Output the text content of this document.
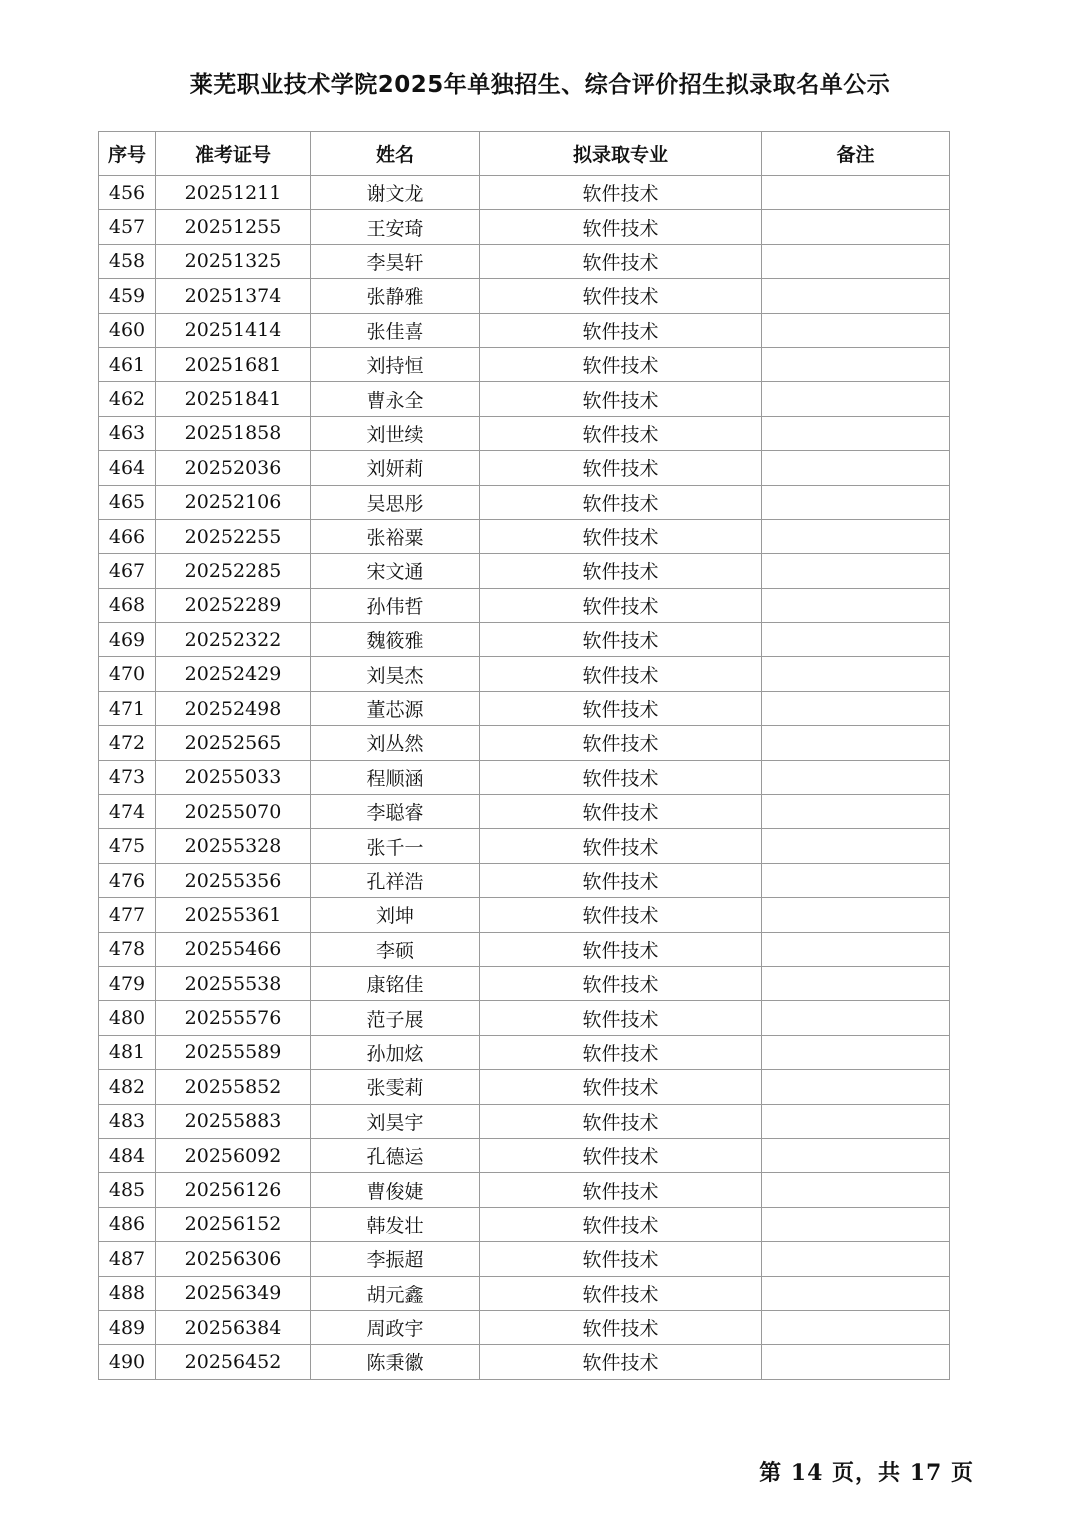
莱芜职业技术学院2025年单独招生、综合评价招生拟录取名单公示
序号	准考证号	姓名	拟录取专业	备注
456	20251211	谢文龙	软件技术	
457	20251255	王安琦	软件技术	
458	20251325	李昊轩	软件技术	
459	20251374	张静雅	软件技术	
460	20251414	张佳喜	软件技术	
461	20251681	刘持恒	软件技术	
462	20251841	曹永全	软件技术	
463	20251858	刘世续	软件技术	
464	20252036	刘妍莉	软件技术	
465	20252106	吴思彤	软件技术	
466	20252255	张裕粟	软件技术	
467	20252285	宋文通	软件技术	
468	20252289	孙伟哲	软件技术	
469	20252322	魏筱雅	软件技术	
470	20252429	刘昊杰	软件技术	
471	20252498	董芯源	软件技术	
472	20252565	刘丛然	软件技术	
473	20255033	程顺涵	软件技术	
474	20255070	李聪睿	软件技术	
475	20255328	张千一	软件技术	
476	20255356	孔祥浩	软件技术	
477	20255361	刘坤	软件技术	
478	20255466	李硕	软件技术	
479	20255538	康铭佳	软件技术	
480	20255576	范子展	软件技术	
481	20255589	孙加炫	软件技术	
482	20255852	张雯莉	软件技术	
483	20255883	刘昊宇	软件技术	
484	20256092	孔德运	软件技术	
485	20256126	曹俊婕	软件技术	
486	20256152	韩发壮	软件技术	
487	20256306	李振超	软件技术	
488	20256349	胡元鑫	软件技术	
489	20256384	周政宇	软件技术	
490	20256452	陈秉徽	软件技术	
第 14 页，共 17 页
